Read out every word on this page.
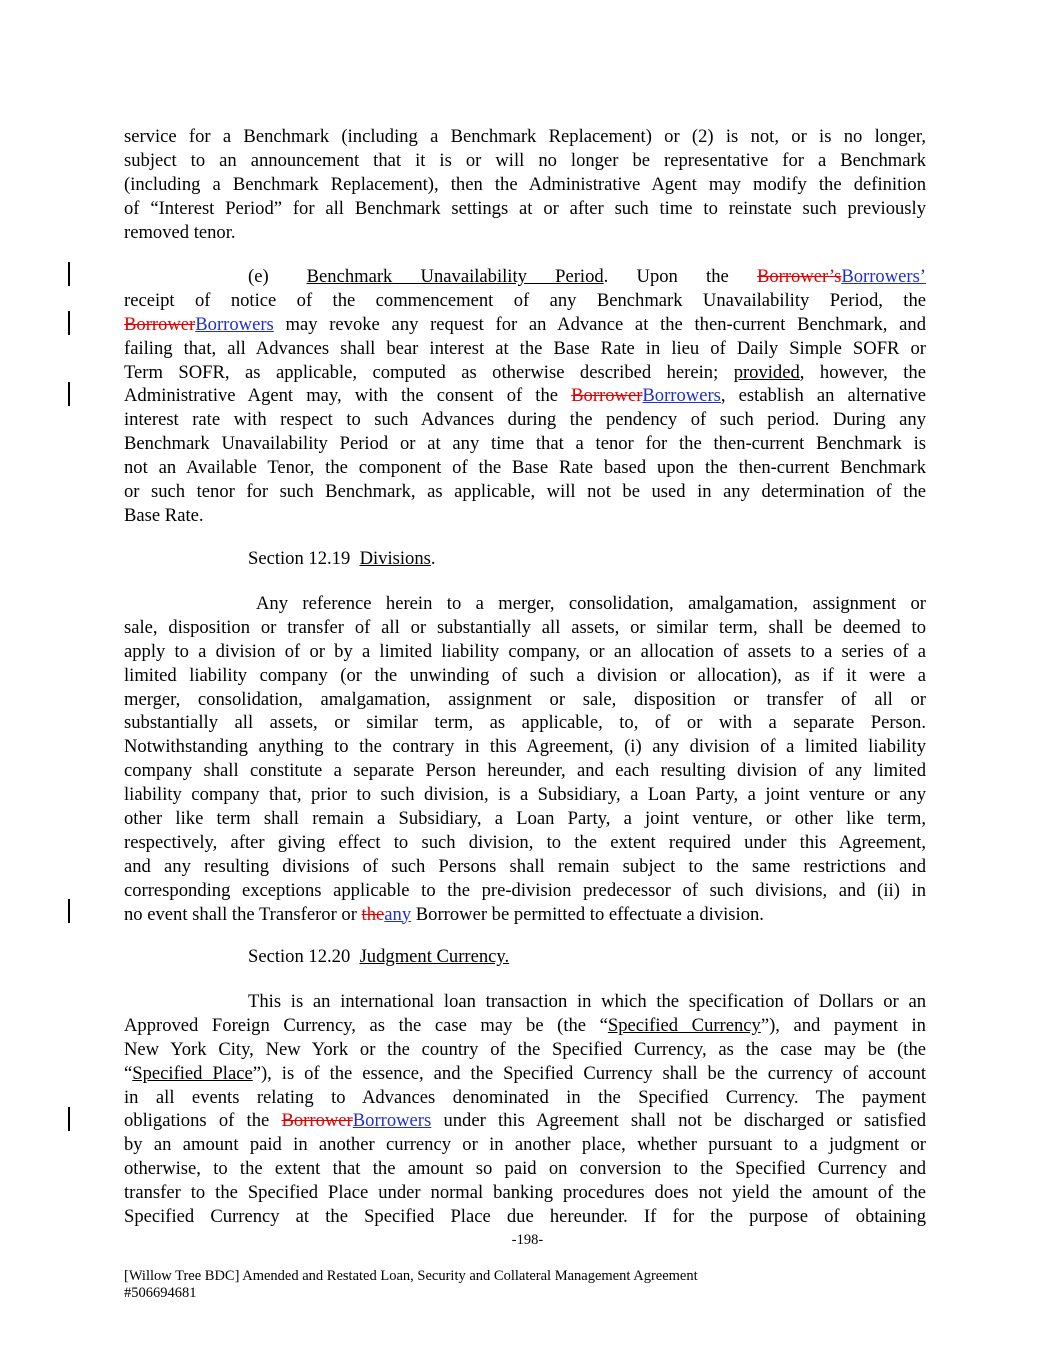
service for a Benchmark (including a Benchmark Replacement) or (2) is not, or is no longer,
subject to an announcement that it is or will no longer be representative for a Benchmark
(including a Benchmark Replacement), then the Administrative Agent may modify the definition
of “Interest Period” for all Benchmark settings at or after such time to reinstate such previously
removed tenor.
(e) Benchmark Unavailability Period. Upon the Borrower’sBorrowers’
receipt of notice of the commencement of any Benchmark Unavailability Period, the
BorrowerBorrowers may revoke any request for an Advance at the then-current Benchmark, and
failing that, all Advances shall bear interest at the Base Rate in lieu of Daily Simple SOFR or
Term SOFR, as applicable, computed as otherwise described herein; provided, however, the
Administrative Agent may, with the consent of the BorrowerBorrowers, establish an alternative
interest rate with respect to such Advances during the pendency of such period. During any
Benchmark Unavailability Period or at any time that a tenor for the then-current Benchmark is
not an Available Tenor, the component of the Base Rate based upon the then-current Benchmark
or such tenor for such Benchmark, as applicable, will not be used in any determination of the
Base Rate.
Section 12.19  Divisions.
Any reference herein to a merger, consolidation, amalgamation, assignment or
sale, disposition or transfer of all or substantially all assets, or similar term, shall be deemed to
apply to a division of or by a limited liability company, or an allocation of assets to a series of a
limited liability company (or the unwinding of such a division or allocation), as if it were a
merger, consolidation, amalgamation, assignment or sale, disposition or transfer of all or
substantially all assets, or similar term, as applicable, to, of or with a separate Person.
Notwithstanding anything to the contrary in this Agreement, (i) any division of a limited liability
company shall constitute a separate Person hereunder, and each resulting division of any limited
liability company that, prior to such division, is a Subsidiary, a Loan Party, a joint venture or any
other like term shall remain a Subsidiary, a Loan Party, a joint venture, or other like term,
respectively, after giving effect to such division, to the extent required under this Agreement,
and any resulting divisions of such Persons shall remain subject to the same restrictions and
corresponding exceptions applicable to the pre-division predecessor of such divisions, and (ii) in
no event shall the Transferor or theany Borrower be permitted to effectuate a division.
Section 12.20  Judgment Currency.
This is an international loan transaction in which the specification of Dollars or an
Approved Foreign Currency, as the case may be (the “Specified Currency”), and payment in
New York City, New York or the country of the Specified Currency, as the case may be (the
“Specified Place”), is of the essence, and the Specified Currency shall be the currency of account
in all events relating to Advances denominated in the Specified Currency. The payment
obligations of the BorrowerBorrowers under this Agreement shall not be discharged or satisfied
by an amount paid in another currency or in another place, whether pursuant to a judgment or
otherwise, to the extent that the amount so paid on conversion to the Specified Currency and
transfer to the Specified Place under normal banking procedures does not yield the amount of the
Specified Currency at the Specified Place due hereunder. If for the purpose of obtaining
-198-
[Willow Tree BDC] Amended and Restated Loan, Security and Collateral Management Agreement
#506694681
